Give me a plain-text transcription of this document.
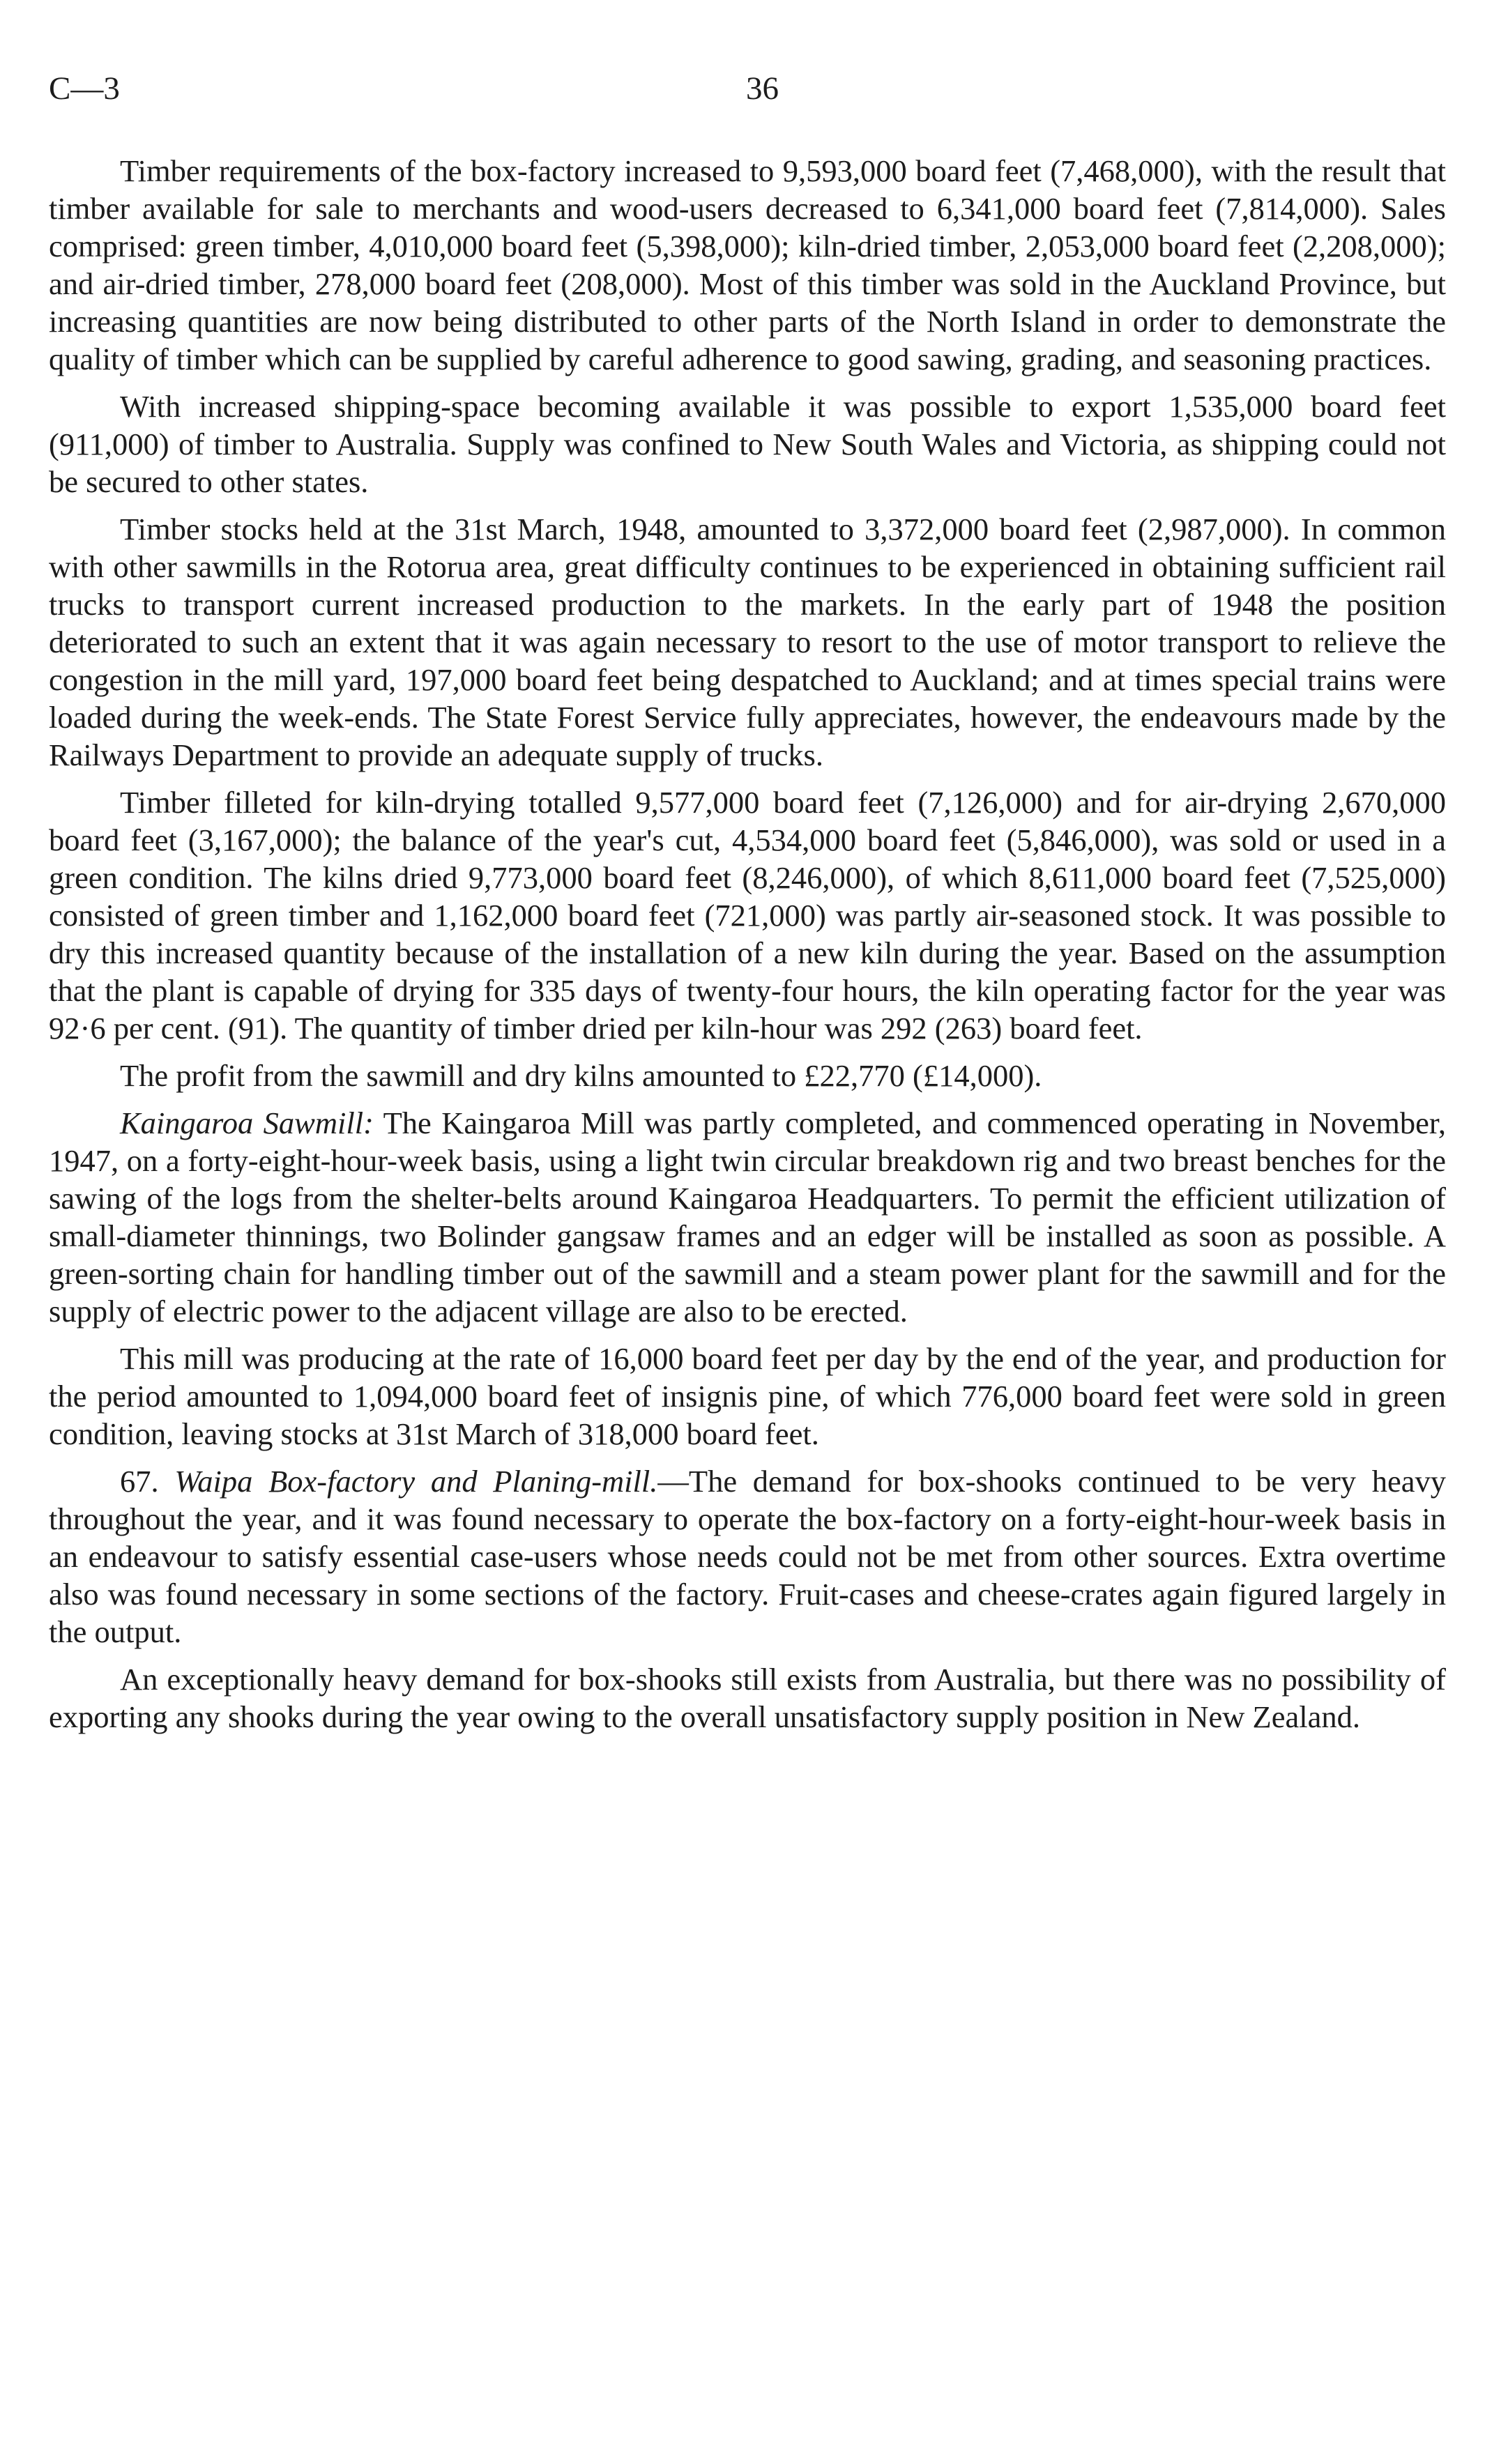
C—3	36

Timber requirements of the box-factory increased to 9,593,000 board feet (7,468,000), with the result that timber available for sale to merchants and wood-users decreased to 6,341,000 board feet (7,814,000). Sales comprised: green timber, 4,010,000 board feet (5,398,000); kiln-dried timber, 2,053,000 board feet (2,208,000); and air-dried timber, 278,000 board feet (208,000). Most of this timber was sold in the Auckland Province, but increasing quantities are now being distributed to other parts of the North Island in order to demonstrate the quality of timber which can be supplied by careful adherence to good sawing, grading, and seasoning practices.

With increased shipping-space becoming available it was possible to export 1,535,000 board feet (911,000) of timber to Australia. Supply was confined to New South Wales and Victoria, as shipping could not be secured to other states.

Timber stocks held at the 31st March, 1948, amounted to 3,372,000 board feet (2,987,000). In common with other sawmills in the Rotorua area, great difficulty continues to be experienced in obtaining sufficient rail trucks to transport current increased production to the markets. In the early part of 1948 the position deteriorated to such an extent that it was again necessary to resort to the use of motor transport to relieve the congestion in the mill yard, 197,000 board feet being despatched to Auckland; and at times special trains were loaded during the week-ends. The State Forest Service fully appreciates, however, the endeavours made by the Railways Department to provide an adequate supply of trucks.

Timber filleted for kiln-drying totalled 9,577,000 board feet (7,126,000) and for air-drying 2,670,000 board feet (3,167,000); the balance of the year's cut, 4,534,000 board feet (5,846,000), was sold or used in a green condition. The kilns dried 9,773,000 board feet (8,246,000), of which 8,611,000 board feet (7,525,000) consisted of green timber and 1,162,000 board feet (721,000) was partly air-seasoned stock. It was possible to dry this increased quantity because of the installation of a new kiln during the year. Based on the assumption that the plant is capable of drying for 335 days of twenty-four hours, the kiln operating factor for the year was 92·6 per cent. (91). The quantity of timber dried per kiln-hour was 292 (263) board feet.

The profit from the sawmill and dry kilns amounted to £22,770 (£14,000).

Kaingaroa Sawmill: The Kaingaroa Mill was partly completed, and commenced operating in November, 1947, on a forty-eight-hour-week basis, using a light twin circular breakdown rig and two breast benches for the sawing of the logs from the shelter-belts around Kaingaroa Headquarters. To permit the efficient utilization of small-diameter thinnings, two Bolinder gangsaw frames and an edger will be installed as soon as possible. A green-sorting chain for handling timber out of the sawmill and a steam power plant for the sawmill and for the supply of electric power to the adjacent village are also to be erected.

This mill was producing at the rate of 16,000 board feet per day by the end of the year, and production for the period amounted to 1,094,000 board feet of insignis pine, of which 776,000 board feet were sold in green condition, leaving stocks at 31st March of 318,000 board feet.

67. Waipa Box-factory and Planing-mill.—The demand for box-shooks continued to be very heavy throughout the year, and it was found necessary to operate the box-factory on a forty-eight-hour-week basis in an endeavour to satisfy essential case-users whose needs could not be met from other sources. Extra overtime also was found necessary in some sections of the factory. Fruit-cases and cheese-crates again figured largely in the output.

An exceptionally heavy demand for box-shooks still exists from Australia, but there was no possibility of exporting any shooks during the year owing to the overall unsatisfactory supply position in New Zealand.
